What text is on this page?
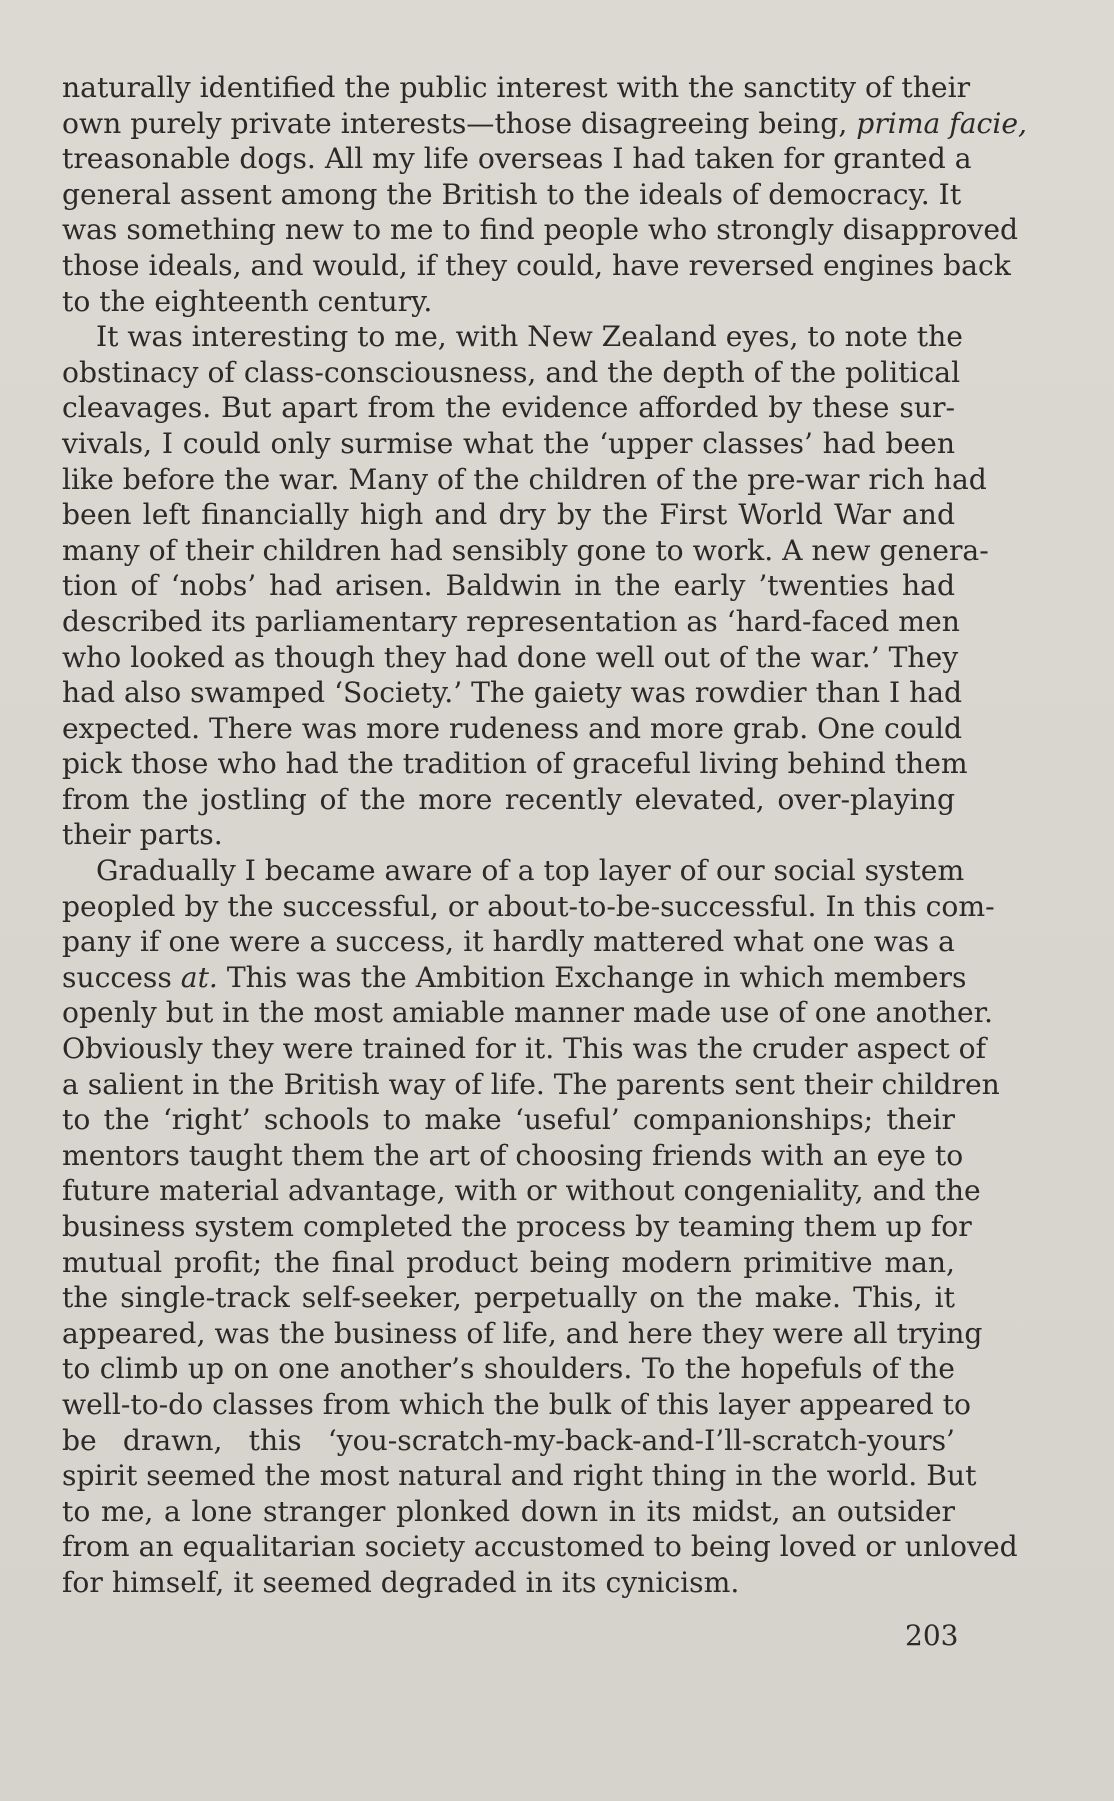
naturally identified the public interest with the sanctity of their
own purely private interests—those disagreeing being, prima facie,
treasonable dogs. All my life overseas I had taken for granted a
general assent among the British to the ideals of democracy. It
was something new to me to find people who strongly disapproved
those ideals, and would, if they could, have reversed engines back
to the eighteenth century.
It was interesting to me, with New Zealand eyes, to note the
obstinacy of class-consciousness, and the depth of the political
cleavages. But apart from the evidence afforded by these sur-
vivals, I could only surmise what the ‘upper classes’ had been
like before the war. Many of the children of the pre-war rich had
been left financially high and dry by the First World War and
many of their children had sensibly gone to work. A new genera-
tion of ‘nobs’ had arisen. Baldwin in the early ’twenties had
described its parliamentary representation as ‘hard-faced men
who looked as though they had done well out of the war.’ They
had also swamped ‘Society.’ The gaiety was rowdier than I had
expected. There was more rudeness and more grab. One could
pick those who had the tradition of graceful living behind them
from the jostling of the more recently elevated, over-playing
their parts.
Gradually I became aware of a top layer of our social system
peopled by the successful, or about-to-be-successful. In this com-
pany if one were a success, it hardly mattered what one was a
success at. This was the Ambition Exchange in which members
openly but in the most amiable manner made use of one another.
Obviously they were trained for it. This was the cruder aspect of
a salient in the British way of life. The parents sent their children
to the ‘right’ schools to make ‘useful’ companionships; their
mentors taught them the art of choosing friends with an eye to
future material advantage, with or without congeniality, and the
business system completed the process by teaming them up for
mutual profit; the final product being modern primitive man,
the single-track self-seeker, perpetually on the make. This, it
appeared, was the business of life, and here they were all trying
to climb up on one another’s shoulders. To the hopefuls of the
well-to-do classes from which the bulk of this layer appeared to
be drawn, this ‘you-scratch-my-back-and-I’ll-scratch-yours’
spirit seemed the most natural and right thing in the world. But
to me, a lone stranger plonked down in its midst, an outsider
from an equalitarian society accustomed to being loved or unloved
for himself, it seemed degraded in its cynicism.
203
